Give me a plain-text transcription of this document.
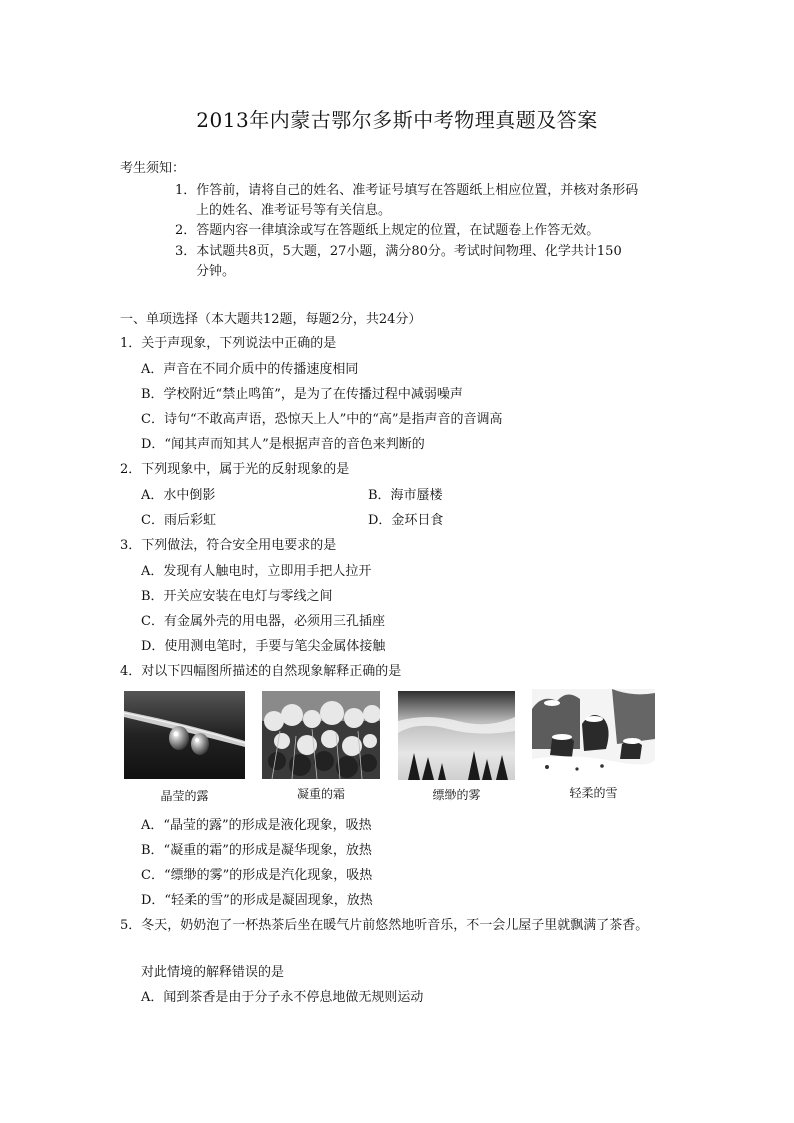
2013年内蒙古鄂尔多斯中考物理真题及答案
考生须知：
1．作答前，请将自己的姓名、准考证号填写在答题纸上相应位置，并核对条形码
上的姓名、准考证号等有关信息。
2．答题内容一律填涂或写在答题纸上规定的位置，在试题卷上作答无效。
3．本试题共8页，5大题，27小题，满分80分。考试时间物理、化学共计150
分钟。
一、单项选择（本大题共12题，每题2分，共24分）
1．关于声现象，下列说法中正确的是
A．声音在不同介质中的传播速度相同
B．学校附近“禁止鸣笛”，是为了在传播过程中减弱噪声
C．诗句“不敢高声语，恐惊天上人”中的“高”是指声音的音调高
D．“闻其声而知其人”是根据声音的音色来判断的
2．下列现象中，属于光的反射现象的是
A．水中倒影	B．海市蜃楼
C．雨后彩虹	D．金环日食
3．下列做法，符合安全用电要求的是
A．发现有人触电时，立即用手把人拉开
B．开关应安装在电灯与零线之间
C．有金属外壳的用电器，必须用三孔插座
D．使用测电笔时，手要与笔尖金属体接触
4．对以下四幅图所描述的自然现象解释正确的是
晶莹的露	凝重的霜	缥缈的雾	轻柔的雪
A．“晶莹的露”的形成是液化现象，吸热
B．“凝重的霜”的形成是凝华现象，放热
C．“缥缈的雾”的形成是汽化现象，吸热
D．“轻柔的雪”的形成是凝固现象，放热
5．冬天，奶奶泡了一杯热茶后坐在暖气片前悠然地听音乐，不一会儿屋子里就飘满了茶香。
对此情境的解释错误的是
A．闻到茶香是由于分子永不停息地做无规则运动
